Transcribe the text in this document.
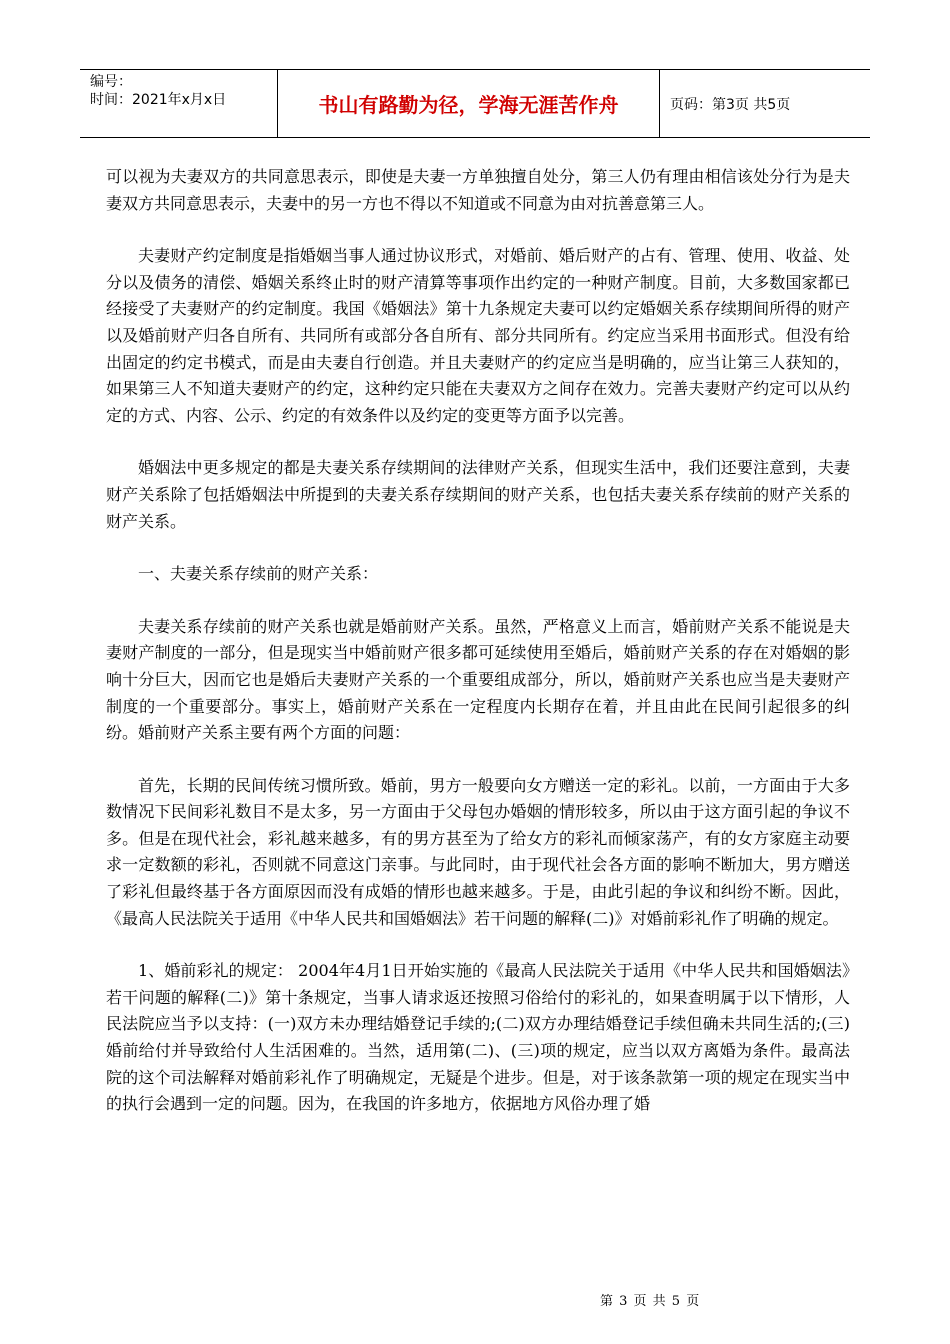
编号：
时间：2021年x月x日	书山有路勤为径，学海无涯苦作舟	页码：第3页 共5页

可以视为夫妻双方的共同意思表示，即使是夫妻一方单独擅自处分，第三人仍有理由相信该处分行为是夫妻双方共同意思表示，夫妻中的另一方也不得以不知道或不同意为由对抗善意第三人。

夫妻财产约定制度是指婚姻当事人通过协议形式，对婚前、婚后财产的占有、管理、使用、收益、处分以及债务的清偿、婚姻关系终止时的财产清算等事项作出约定的一种财产制度。目前，大多数国家都已经接受了夫妻财产的约定制度。我国《婚姻法》第十九条规定夫妻可以约定婚姻关系存续期间所得的财产以及婚前财产归各自所有、共同所有或部分各自所有、部分共同所有。约定应当采用书面形式。但没有给出固定的约定书模式，而是由夫妻自行创造。并且夫妻财产的约定应当是明确的，应当让第三人获知的，如果第三人不知道夫妻财产的约定，这种约定只能在夫妻双方之间存在效力。完善夫妻财产约定可以从约定的方式、内容、公示、约定的有效条件以及约定的变更等方面予以完善。

婚姻法中更多规定的都是夫妻关系存续期间的法律财产关系，但现实生活中，我们还要注意到，夫妻财产关系除了包括婚姻法中所提到的夫妻关系存续期间的财产关系，也包括夫妻关系存续前的财产关系的财产关系。

一、夫妻关系存续前的财产关系：

夫妻关系存续前的财产关系也就是婚前财产关系。虽然，严格意义上而言，婚前财产关系不能说是夫妻财产制度的一部分，但是现实当中婚前财产很多都可延续使用至婚后，婚前财产关系的存在对婚姻的影响十分巨大，因而它也是婚后夫妻财产关系的一个重要组成部分，所以，婚前财产关系也应当是夫妻财产制度的一个重要部分。事实上，婚前财产关系在一定程度内长期存在着，并且由此在民间引起很多的纠纷。婚前财产关系主要有两个方面的问题：

首先，长期的民间传统习惯所致。婚前，男方一般要向女方赠送一定的彩礼。以前，一方面由于大多数情况下民间彩礼数目不是太多，另一方面由于父母包办婚姻的情形较多，所以由于这方面引起的争议不多。但是在现代社会，彩礼越来越多，有的男方甚至为了给女方的彩礼而倾家荡产，有的女方家庭主动要求一定数额的彩礼，否则就不同意这门亲事。与此同时，由于现代社会各方面的影响不断加大，男方赠送了彩礼但最终基于各方面原因而没有成婚的情形也越来越多。于是，由此引起的争议和纠纷不断。因此，《最高人民法院关于适用《中华人民共和国婚姻法》若干问题的解释(二)》对婚前彩礼作了明确的规定。

1、婚前彩礼的规定： 2004年4月1日开始实施的《最高人民法院关于适用《中华人民共和国婚姻法》若干问题的解释(二)》第十条规定，当事人请求返还按照习俗给付的彩礼的，如果查明属于以下情形，人民法院应当予以支持：(一)双方未办理结婚登记手续的;(二)双方办理结婚登记手续但确未共同生活的;(三)婚前给付并导致给付人生活困难的。当然，适用第(二)、(三)项的规定，应当以双方离婚为条件。最高法院的这个司法解释对婚前彩礼作了明确规定，无疑是个进步。但是，对于该条款第一项的规定在现实当中的执行会遇到一定的问题。因为，在我国的许多地方，依据地方风俗办理了婚

第 3 页 共 5 页
